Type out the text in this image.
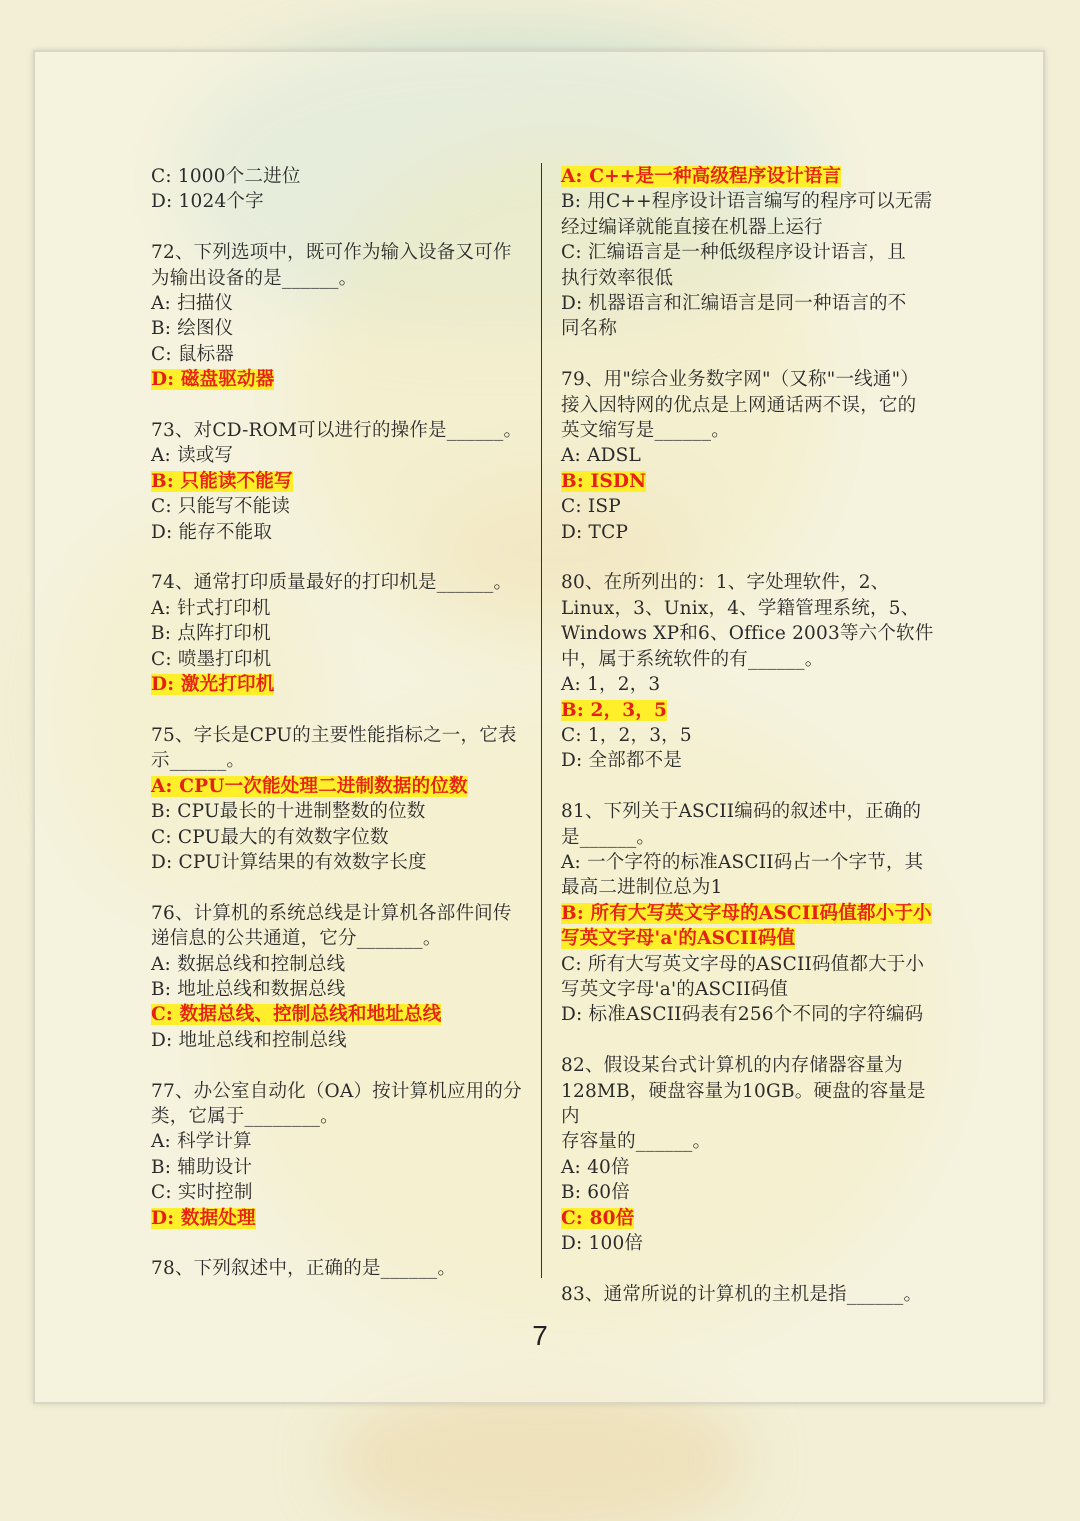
C: 1000个二进位
D: 1024个字
72、下列选项中，既可作为输入设备又可作
为输出设备的是______。
A: 扫描仪
B: 绘图仪
C: 鼠标器
D: 磁盘驱动器
73、对CD-ROM可以进行的操作是______。
A: 读或写
B: 只能读不能写
C: 只能写不能读
D: 能存不能取
74、通常打印质量最好的打印机是______。
A: 针式打印机
B: 点阵打印机
C: 喷墨打印机
D: 激光打印机
75、字长是CPU的主要性能指标之一，它表
示______。
A: CPU一次能处理二进制数据的位数
B: CPU最长的十进制整数的位数
C: CPU最大的有效数字位数
D: CPU计算结果的有效数字长度
76、计算机的系统总线是计算机各部件间传
递信息的公共通道，它分_______。
A: 数据总线和控制总线
B: 地址总线和数据总线
C: 数据总线、控制总线和地址总线
D: 地址总线和控制总线
77、办公室自动化（OA）按计算机应用的分
类，它属于________。
A: 科学计算
B: 辅助设计
C: 实时控制
D: 数据处理
78、下列叙述中，正确的是______。
A: C++是一种高级程序设计语言
B: 用C++程序设计语言编写的程序可以无需
经过编译就能直接在机器上运行
C: 汇编语言是一种低级程序设计语言，且
执行效率很低
D: 机器语言和汇编语言是同一种语言的不
同名称
79、用"综合业务数字网"（又称"一线通"）
接入因特网的优点是上网通话两不误，它的
英文缩写是______。
A: ADSL
B: ISDN
C: ISP
D: TCP
80、在所列出的：1、字处理软件，2、
Linux，3、Unix，4、学籍管理系统，5、
Windows XP和6、Office 2003等六个软件
中，属于系统软件的有______。
A: 1，2，3
B: 2，3，5
C: 1，2，3，5
D: 全部都不是
81、下列关于ASCII编码的叙述中，正确的
是______。
A: 一个字符的标准ASCII码占一个字节，其
最高二进制位总为1
B: 所有大写英文字母的ASCII码值都小于小
写英文字母'a'的ASCII码值
C: 所有大写英文字母的ASCII码值都大于小
写英文字母'a'的ASCII码值
D: 标准ASCII码表有256个不同的字符编码
82、假设某台式计算机的内存储器容量为
128MB，硬盘容量为10GB。硬盘的容量是内
存容量的______。
A: 40倍
B: 60倍
C: 80倍
D: 100倍
83、通常所说的计算机的主机是指______。
7
